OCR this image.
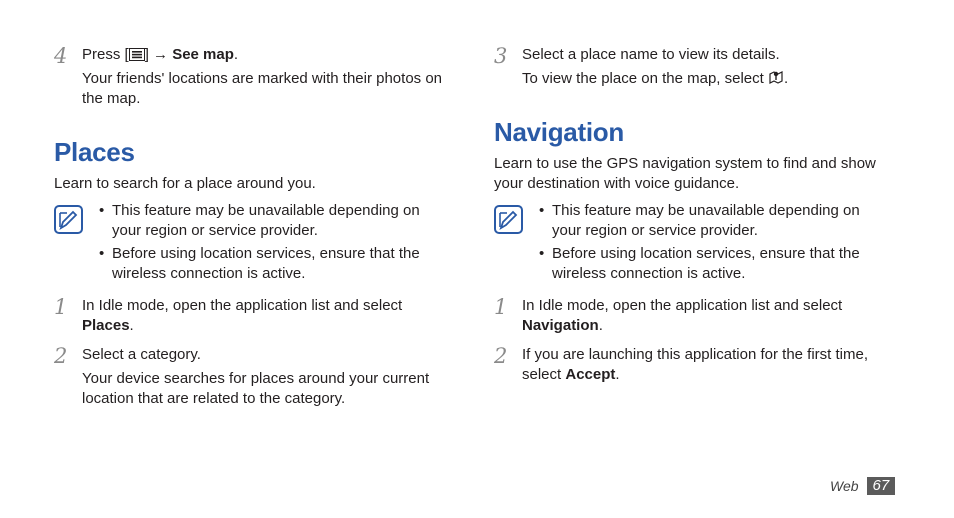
4 Press [ ] → See map.
Your friends' locations are marked with their photos on the map.
Places
Learn to search for a place around you.
• This feature may be unavailable depending on your region or service provider.
• Before using location services, ensure that the wireless connection is active.
1 In Idle mode, open the application list and select Places.
2 Select a category.
Your device searches for places around your current location that are related to the category.
3 Select a place name to view its details.
To view the place on the map, select .
Navigation
Learn to use the GPS navigation system to find and show your destination with voice guidance.
• This feature may be unavailable depending on your region or service provider.
• Before using location services, ensure that the wireless connection is active.
1 In Idle mode, open the application list and select Navigation.
2 If you are launching this application for the first time, select Accept.
Web 67
